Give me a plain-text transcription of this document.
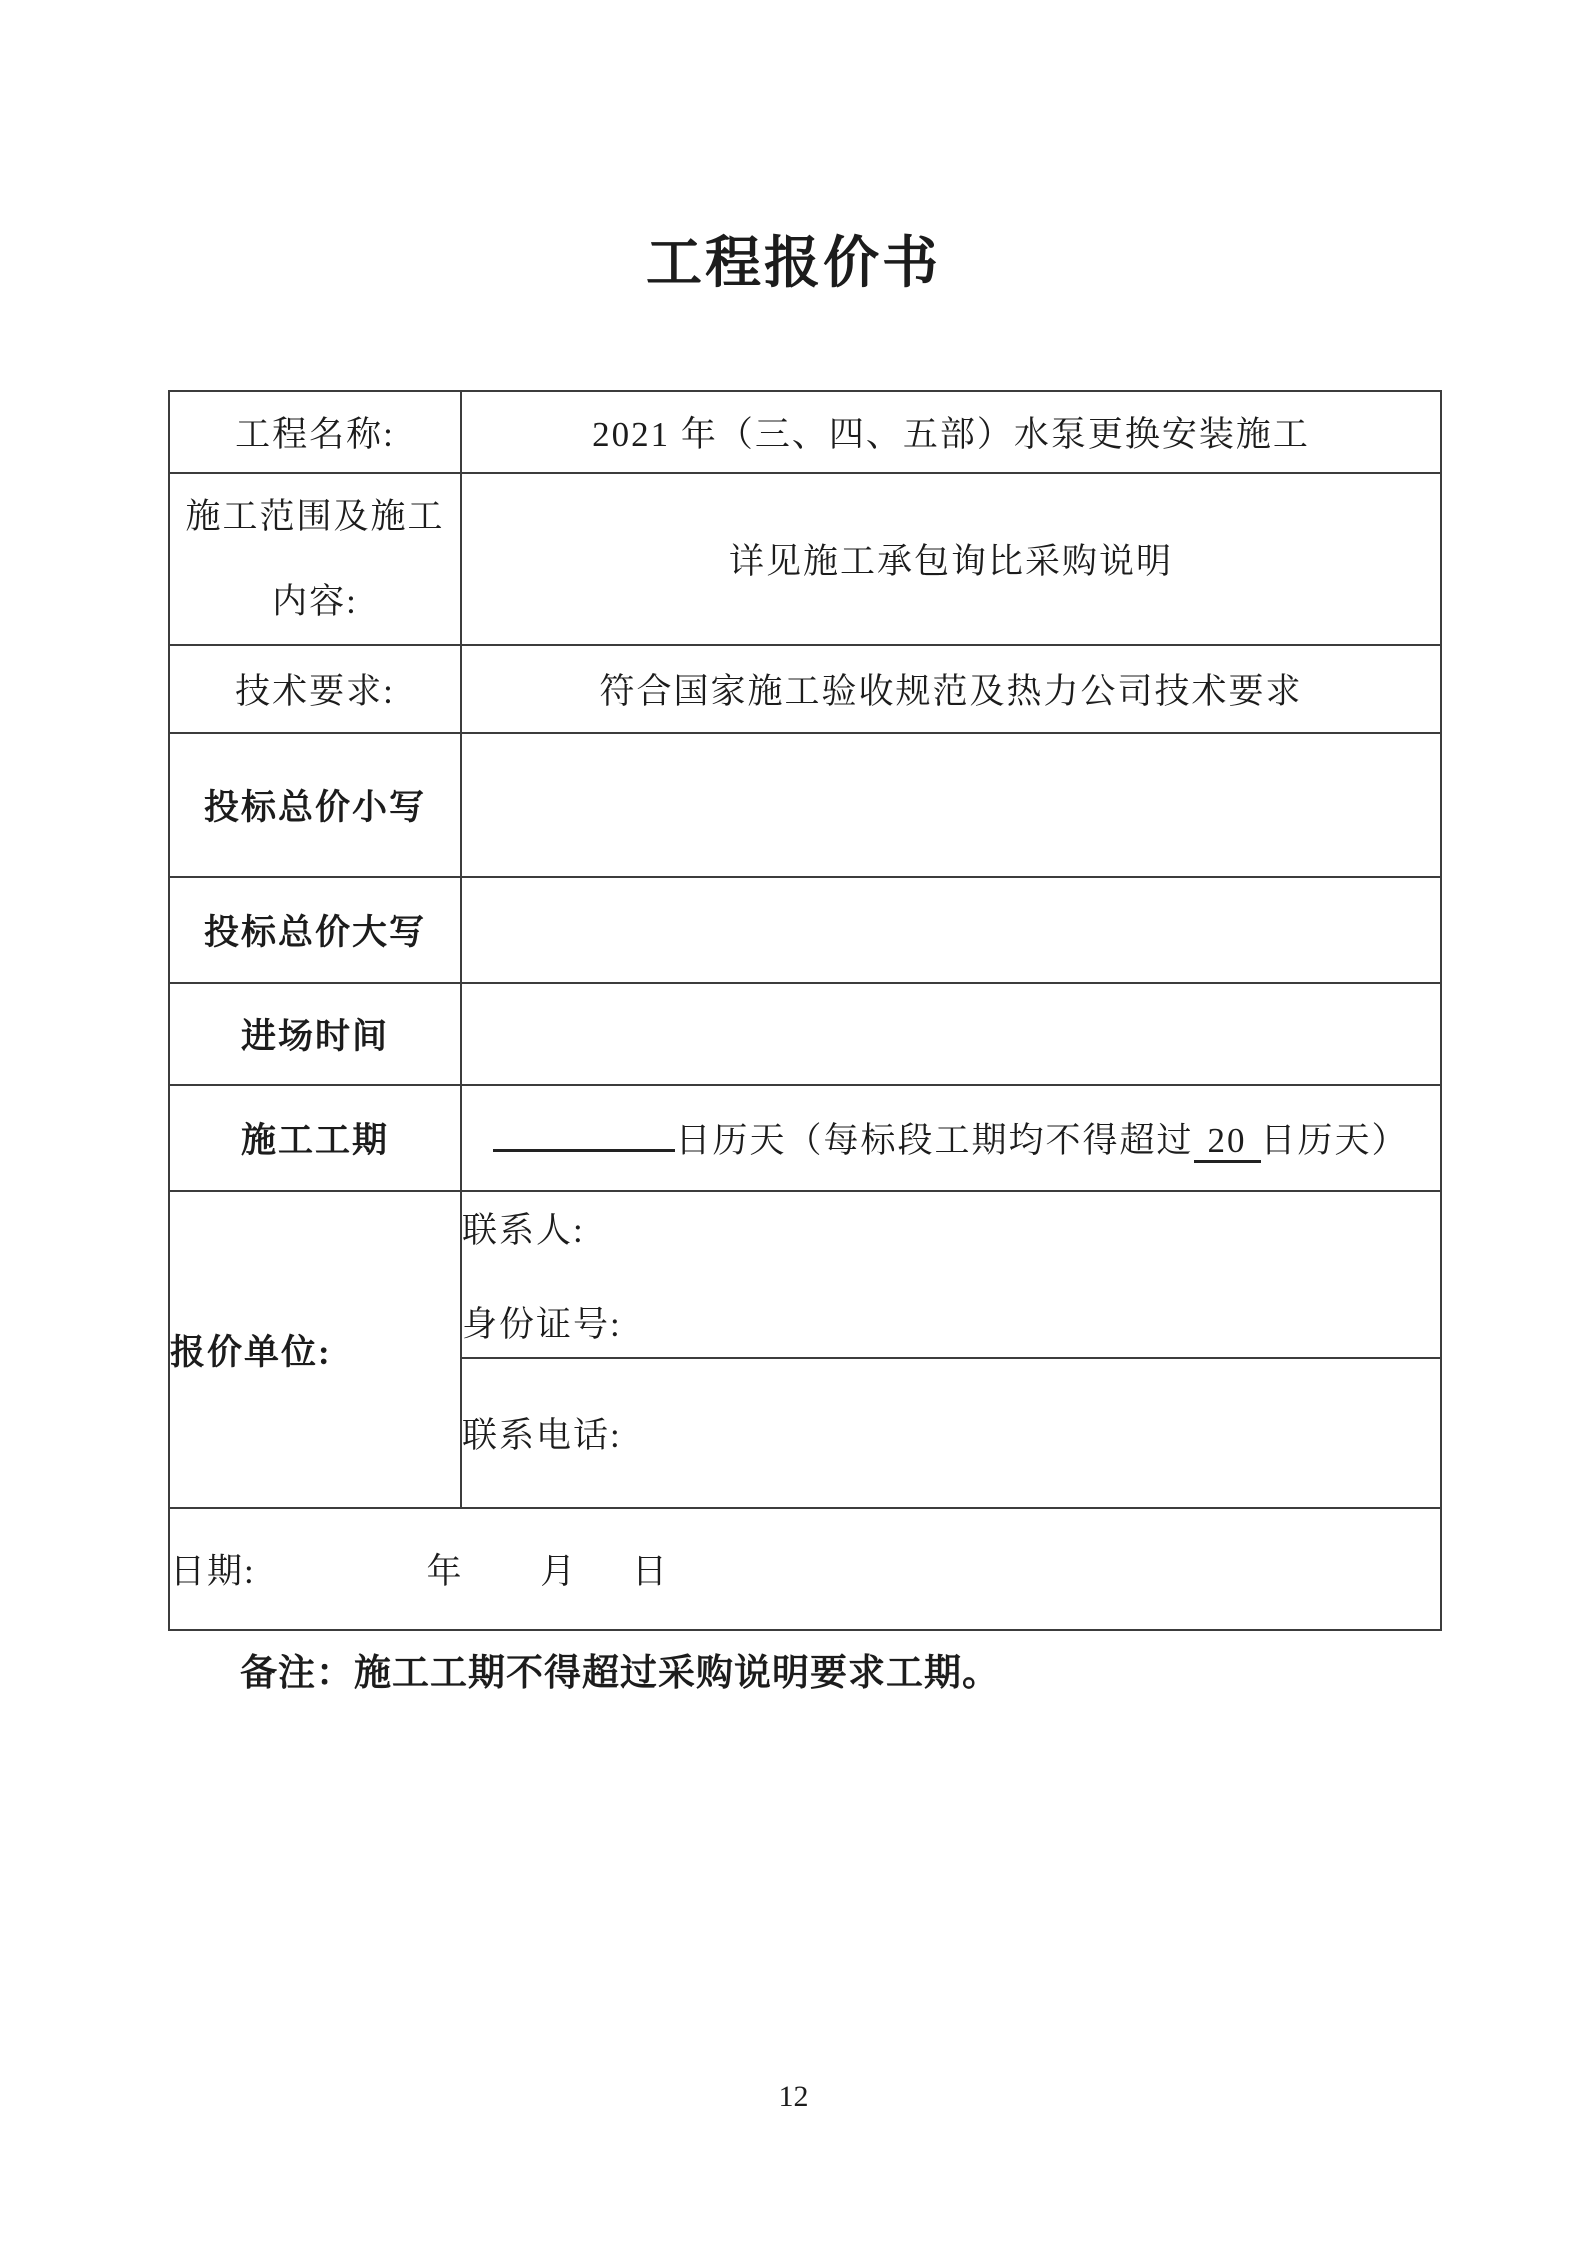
工程报价书
工程名称:	2021 年（三、四、五部）水泵更换安装施工
施工范围及施工内容:	详见施工承包询比采购说明
技术要求:	符合国家施工验收规范及热力公司技术要求
投标总价小写	
投标总价大写	
进场时间	
施工工期	日历天（每标段工期均不得超过 20 日历天）
报价单位:	联系人:
身份证号:

	联系电话:
日期: 年 月 日	
备注：施工工期不得超过采购说明要求工期。
12
